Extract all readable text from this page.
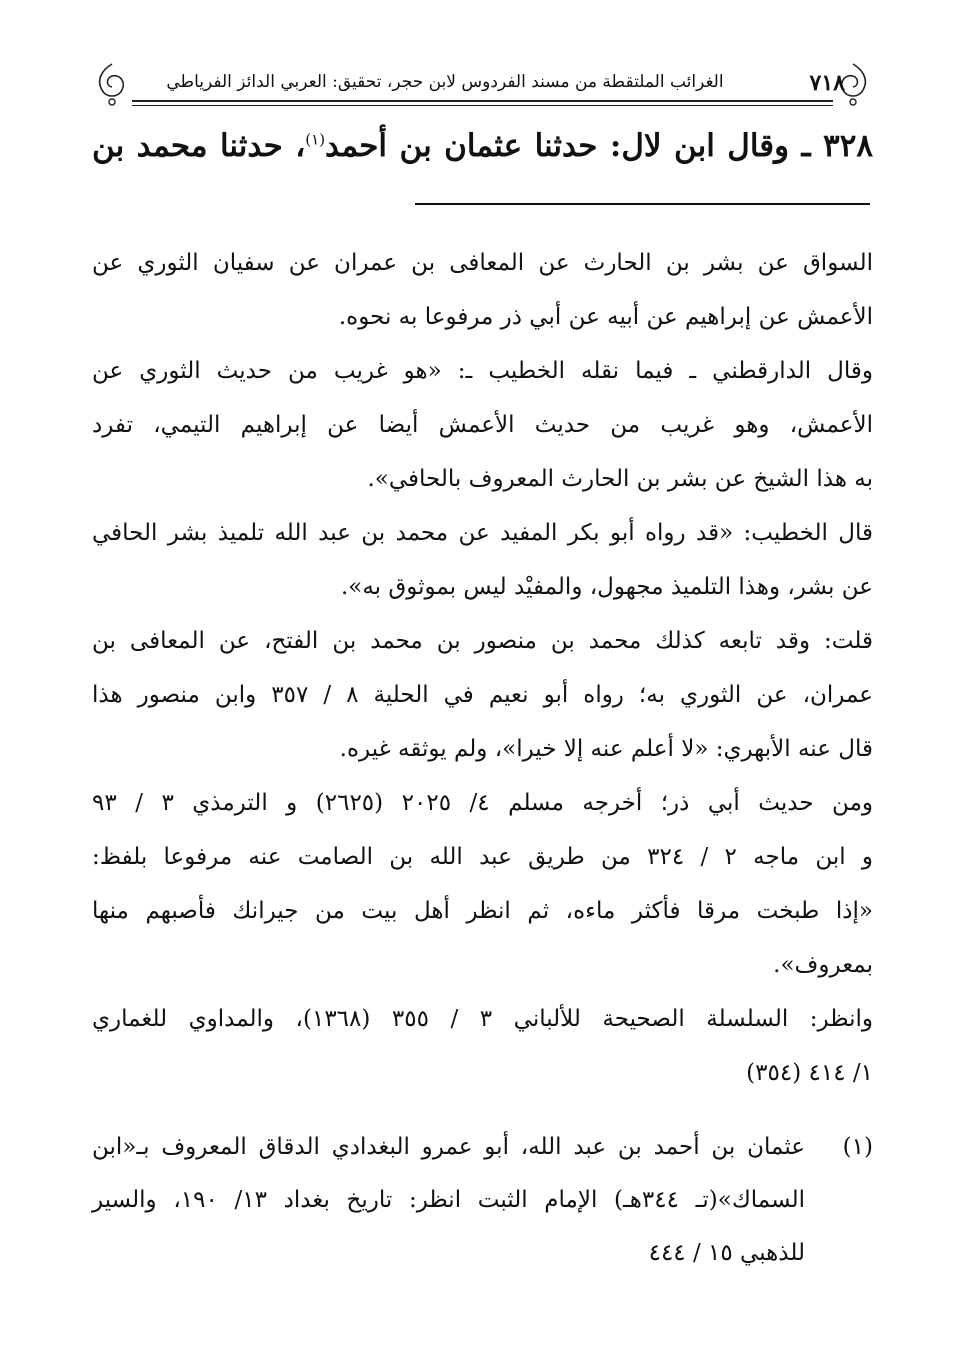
٧١٨
الغرائب الملتقطة من مسند الفردوس لابن حجر، تحقيق: العربي الدائز الفرياطي
٣٢٨ ـ وقال ابن لال: حدثنا عثمان بن أحمد$^{(١)}$، حدثنا محمد بن

السواق عن بشر بن الحارث عن المعافى بن عمران عن سفيان الثوري عن
الأعمش عن إبراهيم عن أبيه عن أبي ذر مرفوعا به نحوه.

وقال الدارقطني ـ فيما نقله الخطيب ـ: «هو غريب من حديث الثوري عن
الأعمش، وهو غريب من حديث الأعمش أيضا عن إبراهيم التيمي، تفرد
به هذا الشيخ عن بشر بن الحارث المعروف بالحافي».

قال الخطيب: «قد رواه أبو بكر المفيد عن محمد بن عبد الله تلميذ بشر الحافي
عن بشر، وهذا التلميذ مجهول، والمفيْد ليس بموثوق به».

قلت: وقد تابعه كذلك محمد بن منصور بن محمد بن الفتح، عن المعافى بن
عمران، عن الثوري به؛ رواه أبو نعيم في الحلية ٨ / ٣٥٧ وابن منصور هذا
قال عنه الأبهري: «لا أعلم عنه إلا خيرا»، ولم يوثقه غيره.

ومن حديث أبي ذر؛ أخرجه مسلم ٤/ ٢٠٢٥ (٢٦٢٥) و الترمذي ٣ / ٩٣
و ابن ماجه ٢ / ٣٢٤ من طريق عبد الله بن الصامت عنه مرفوعا بلفظ:
«إذا طبخت مرقا فأكثر ماءه، ثم انظر أهل بيت من جيرانك فأصبهم منها
بمعروف».

وانظر: السلسلة الصحيحة للألباني ٣ / ٣٥٥ (١٣٦٨)، والمداوي للغماري
١/ ٤١٤ (٣٥٤)

(١)
عثمان بن أحمد بن عبد الله، أبو عمرو البغدادي الدقاق المعروف بـ«ابن
السماك»(تـ ٣٤٤هـ) الإمام الثبت انظر: تاريخ بغداد ١٣/ ١٩٠، والسير
للذهبي ١٥ / ٤٤٤
